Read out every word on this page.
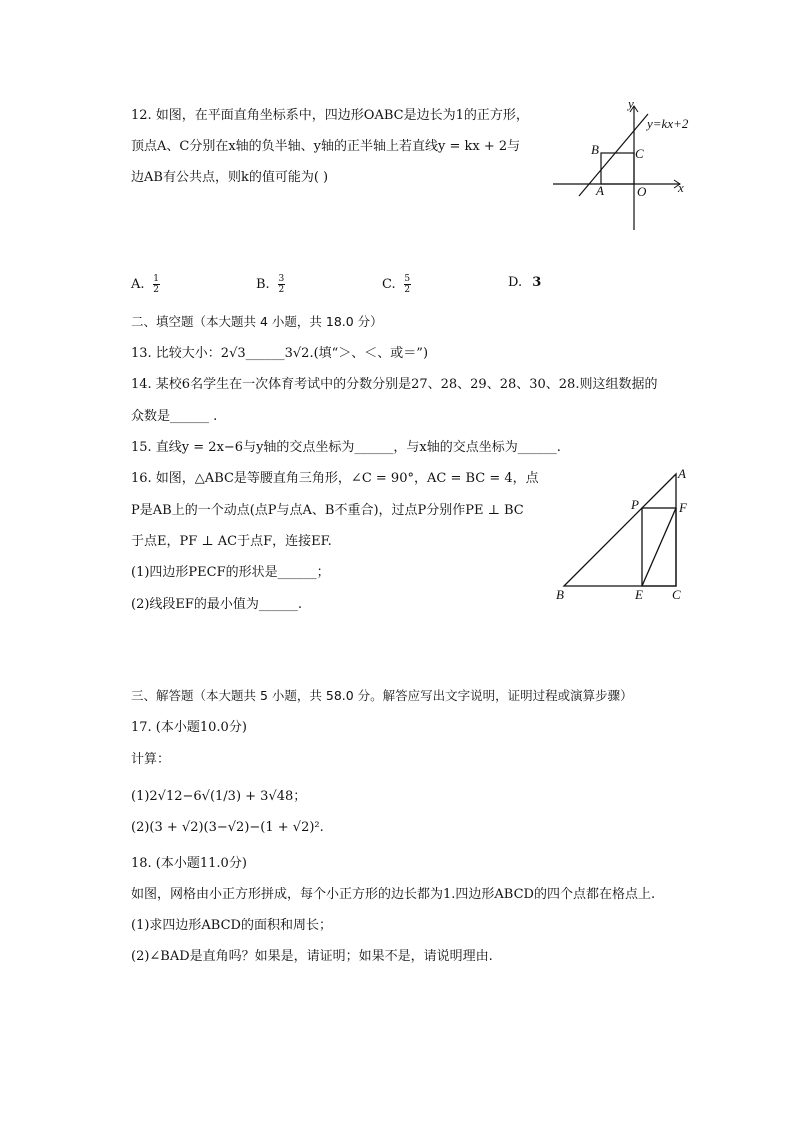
12. 如图，在平面直角坐标系中，四边形OABC是边长为1的正方形，
顶点A、C分别在x轴的负半轴、y轴的正半轴上若直线y = kx + 2与
边AB有公共点，则k的值可能为( )
y
y=kx+2
B	C
A	O x
A. $\frac{1}{2}$	B. $\frac{3}{2}$	C. $\frac{5}{2}$	D. 3
二、填空题（本大题共 4 小题，共 18.0 分）
13. 比较大小：2√3______3√2.(填“＞、＜、或＝”)
14. 某校6名学生在一次体育考试中的分数分别是27、28、29、28、30、28.则这组数据的
众数是______ .
15. 直线y = 2x−6与y轴的交点坐标为______，与x轴的交点坐标为______.
16. 如图，△ABC是等腰直角三角形，∠C = 90°，AC = BC = 4，点
P是AB上的一个动点(点P与点A、B不重合)，过点P分别作PE ⊥ BC
于点E，PF ⊥ AC于点F，连接EF.
(1)四边形PECF的形状是______；
(2)线段EF的最小值为______.
A
P	F
B	E C
三、解答题（本大题共 5 小题，共 58.0 分。解答应写出文字说明，证明过程或演算步骤）
17. (本小题10.0分)
计算：
(1)2√12−6√(1/3) + 3√48；
(2)(3 + √2)(3−√2)−(1 + √2)².
18. (本小题11.0分)
如图，网格由小正方形拼成，每个小正方形的边长都为1.四边形ABCD的四个点都在格点上.
(1)求四边形ABCD的面积和周长；
(2)∠BAD是直角吗？如果是，请证明；如果不是，请说明理由.
